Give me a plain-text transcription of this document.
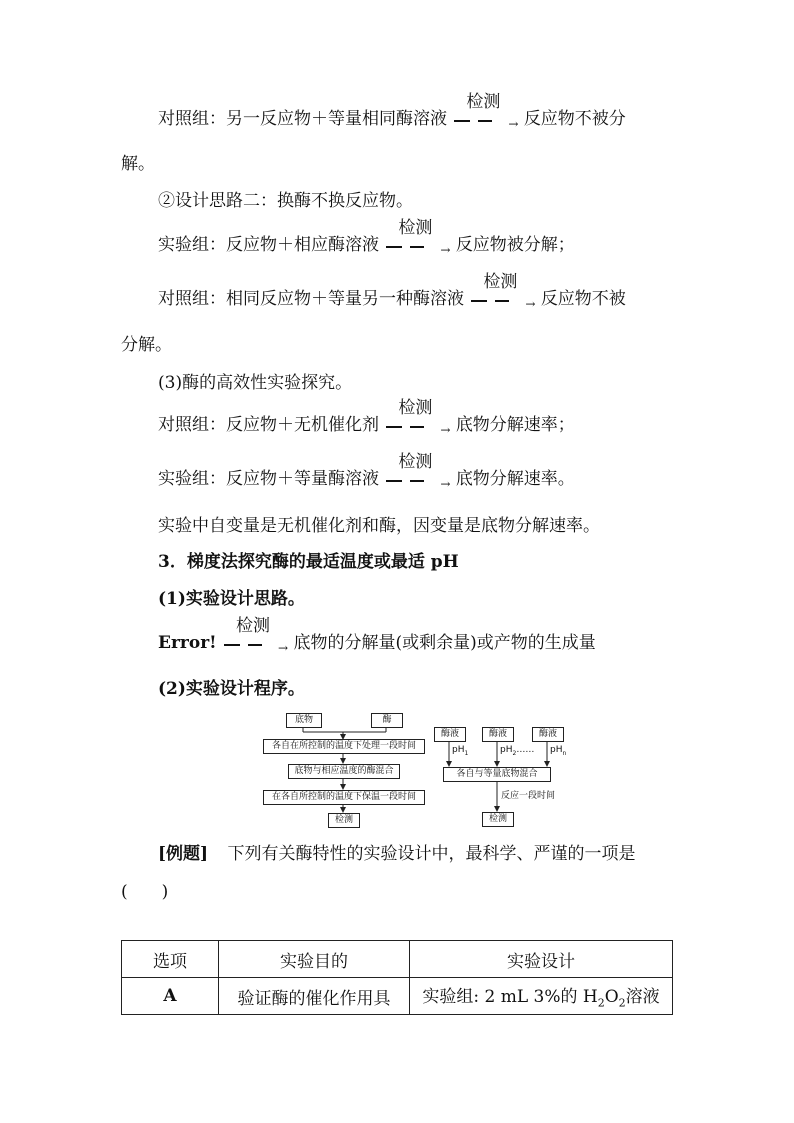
对照组：另一反应物＋等量相同酶溶液
检测
→ 反应物不被分
解。
②设计思路二：换酶不换反应物。
实验组：反应物＋相应酶溶液
检测
→ 反应物被分解；
对照组：相同反应物＋等量另一种酶溶液
检测
→ 反应物不被
分解。
(3)酶的高效性实验探究。
对照组：反应物＋无机催化剂
检测
→ 底物分解速率；
实验组：反应物＋等量酶溶液
检测
→ 底物分解速率。
实验中自变量是无机催化剂和酶，因变量是底物分解速率。
3．梯度法探究酶的最适温度或最适 pH
(1)实验设计思路。
Error!
检测
→ 底物的分解量(或剩余量)或产物的生成量
(2)实验设计程序。
底物	酶
各自在所控制的温度下处理一段时间
底物与相应温度的酶混合
在各自所控制的温度下保温一段时间
检测
酶液	酶液	酶液
$pH_1$	$pH_2\dots\dots$ $pH_n$
各自与等量底物混合
反应一段时间
检测
[例题] 下列有关酶特性的实验设计中，最科学、严谨的一项是
(　　)
选项	实验目的	实验设计
A	验证酶的催化作用具	实验组: 2 mL 3%的 $H_2O_2$溶液
